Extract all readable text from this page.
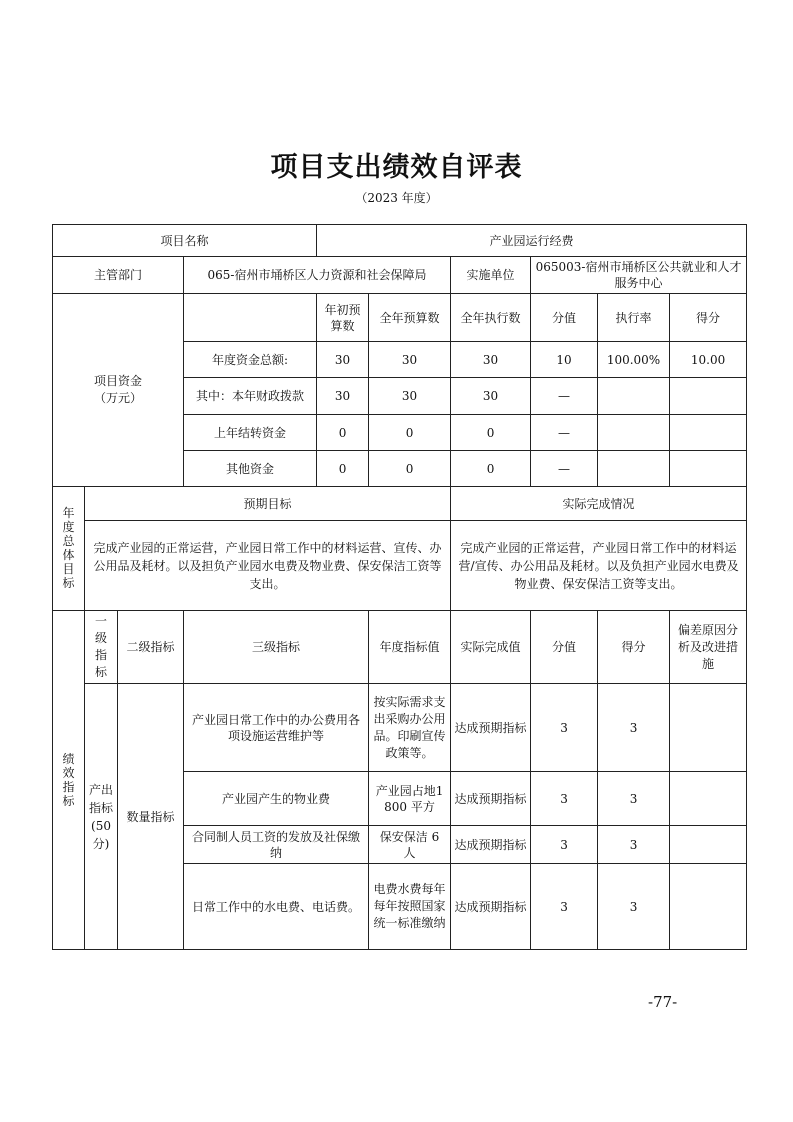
项目支出绩效自评表
（2023 年度）
项目名称				产业园运行经费					
主管部门			065-宿州市埇桥区人力资源和社会保障局			实施单位	065003-宿州市埇桥区公共就业和人才服务中心		
项目资金（万元）				年初预算数	全年预算数	全年执行数	分值	执行率	得分
			年度资金总额:	30	30	30	10	100.00%	10.00
			其中：本年财政拨款	30	30	30	—		
			上年结转资金	0	0	0	—		
			其他资金	0	0	0	—		
年度总体目标	预期目标					实际完成情况			
	完成产业园的正常运营，产业园日常工作中的材料运营、宣传、办公用品及耗材。以及担负产业园水电费及物业费、保安保洁工资等支出。					完成产业园的正常运营，产业园日常工作中的材料运营/宣传、办公用品及耗材。以及负担产业园水电费及物业费、保安保洁工资等支出。			
绩效指标	一级指标	二级指标	三级指标		年度指标值	实际完成值	分值	得分	偏差原因分析及改进措施
	产出指标(50分)	数量指标	产业园日常工作中的办公费用各项设施运营维护等		按实际需求支出采购办公用品。印刷宣传政策等。	达成预期指标	3	3	
			产业园产生的物业费		产业园占地1800 平方	达成预期指标	3	3	
			合同制人员工资的发放及社保缴纳		保安保洁 6 人	达成预期指标	3	3	
			日常工作中的水电费、电话费。		电费水费每年每年按照国家统一标准缴纳	达成预期指标	3	3	
-77-
